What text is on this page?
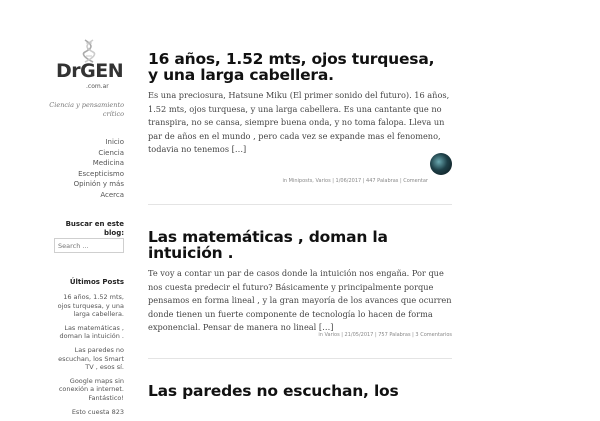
DrGEN
.com.ar

Ciencia y pensamiento crítico

Inicio
Ciencia
Medicina
Escepticismo
Opinión y más
Acerca
Buscar en este blog:
Search ...
Últimos Posts
16 años, 1.52 mts, ojos turquesa, y una larga cabellera.
Las matemáticas , doman la intuición .
Las paredes no escuchan, los Smart TV , esos sí.
Google maps sin conexión a internet. Fantástico!
Esto cuesta 823
16 años, 1.52 mts, ojos turquesa,
y una larga cabellera.

Es una preciosura, Hatsune Miku (El primer sonido del futuro). 16 años, 1.52 mts, ojos turquesa, y una larga cabellera. Es una cantante que no transpira, no se cansa, siempre buena onda, y no toma falopa. Lleva un par de años en el mundo , pero cada vez se expande mas el fenomeno, todavia no tenemos […]

in Miniposts, Varios | 1/06/2017 | 447 Palabras | Comentar
Las matemáticas , doman la
intuición .

Te voy a contar un par de casos donde la intuición nos engaña. Por que nos cuesta predecir el futuro? Básicamente y principalmente porque pensamos en forma lineal , y la gran mayoría de los avances que ocurren donde tienen un fuerte componente de tecnología lo hacen de forma exponencial. Pensar de manera no lineal […]

in Varios | 21/05/2017 | 757 Palabras | 3 Comentarios
Las paredes no escuchan, los
